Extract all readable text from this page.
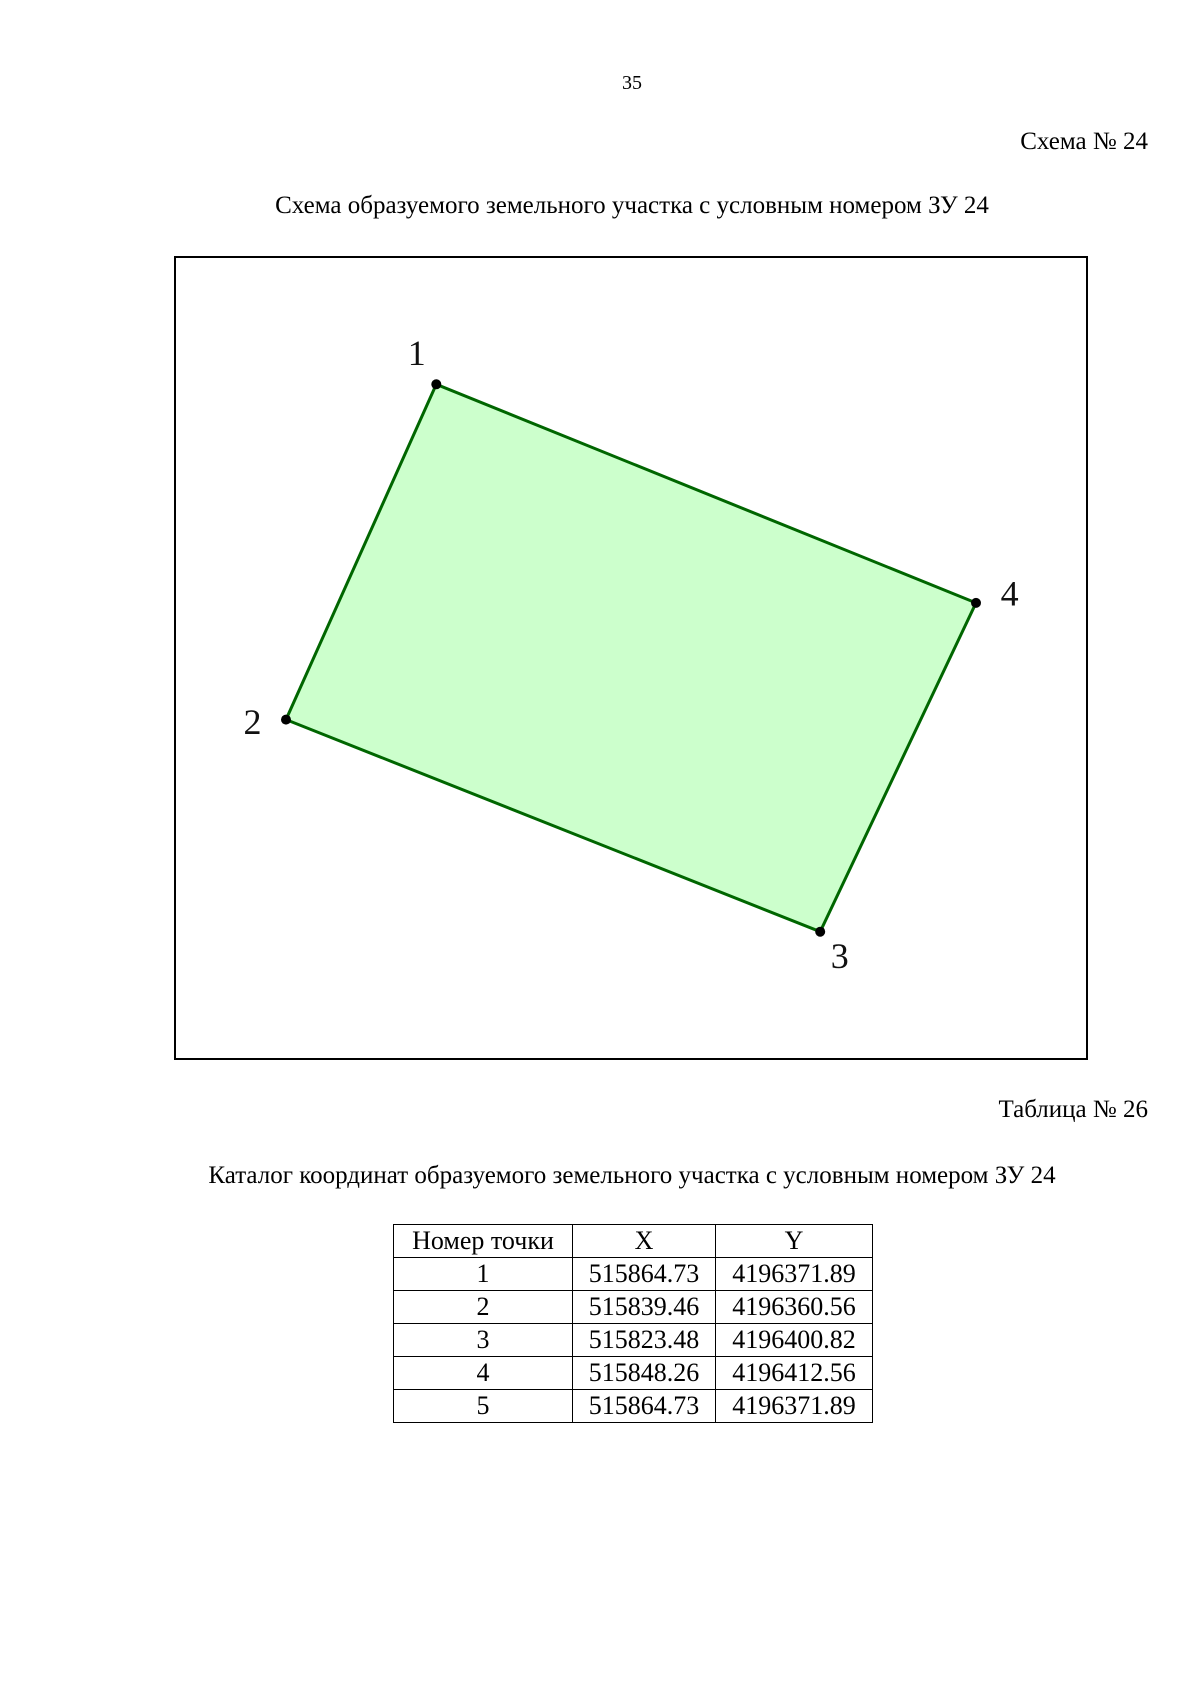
35
Схема № 24
Схема образуемого земельного участка с условным номером ЗУ 24
1
2
3
4
Таблица № 26
Каталог координат образуемого земельного участка с условным номером ЗУ 24
Номер точки	X	Y
1	515864.73	4196371.89
2	515839.46	4196360.56
3	515823.48	4196400.82
4	515848.26	4196412.56
5	515864.73	4196371.89
